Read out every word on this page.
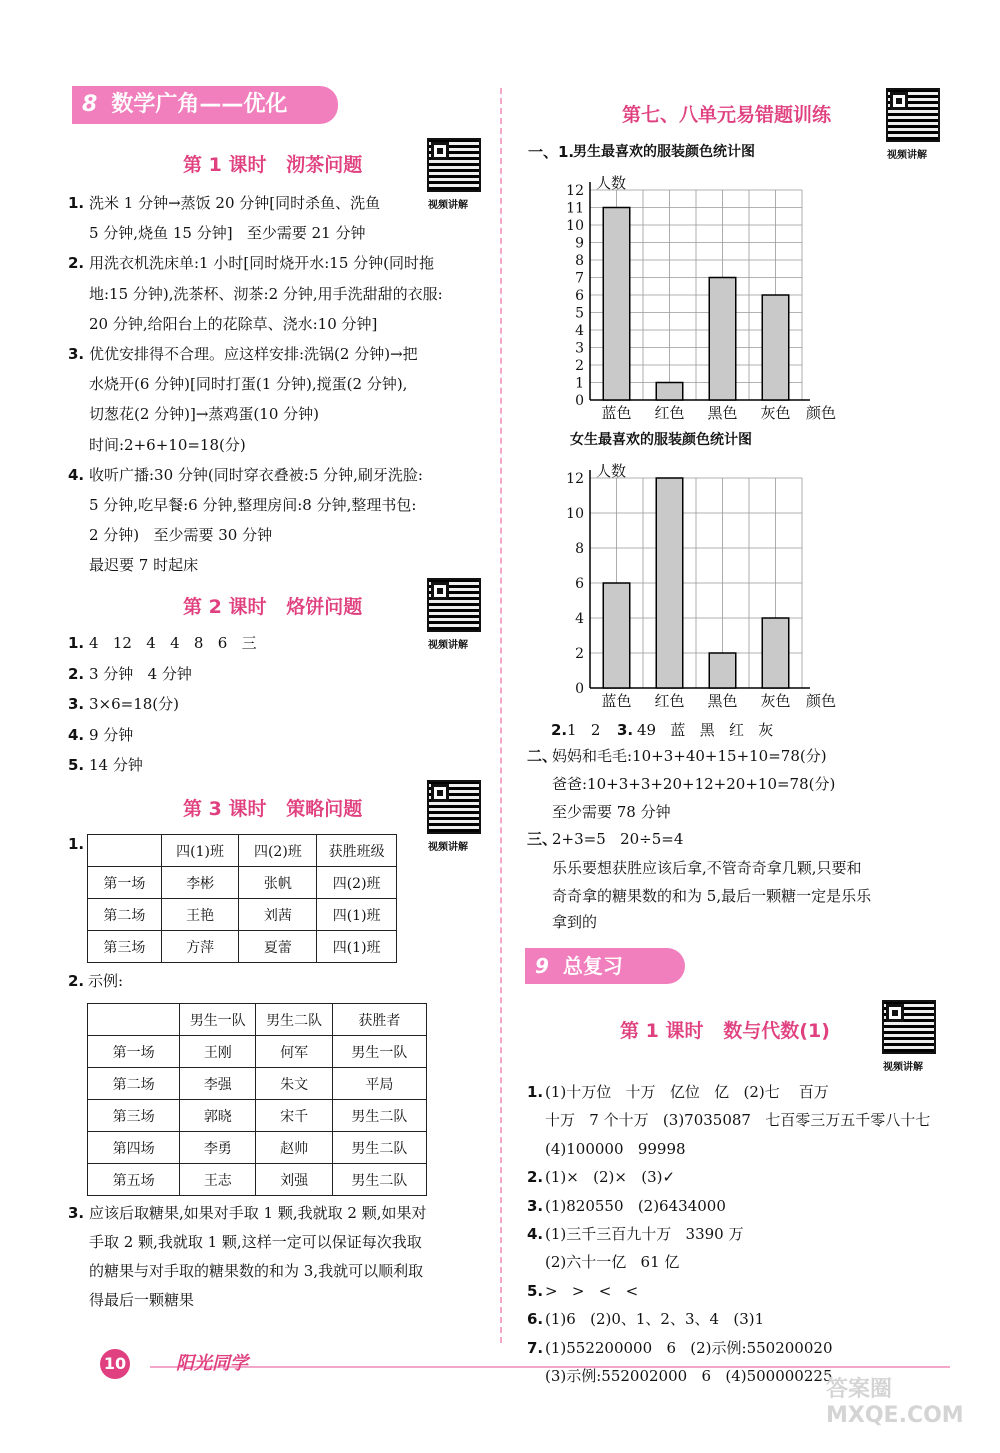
8 数学广角——优化
第 1 课时   沏茶问题
视频讲解
1. 洗米 1 分钟→蒸饭 20 分钟[同时杀鱼、洗鱼
5 分钟,烧鱼 15 分钟]   至少需要 21 分钟
2. 用洗衣机洗床单:1 小时[同时烧开水:15 分钟(同时拖
地:15 分钟),洗茶杯、沏茶:2 分钟,用手洗甜甜的衣服:
20 分钟,给阳台上的花除草、浇水:10 分钟]
3. 优优安排得不合理。应这样安排:洗锅(2 分钟)→把
水烧开(6 分钟)[同时打蛋(1 分钟),搅蛋(2 分钟),
切葱花(2 分钟)]→蒸鸡蛋(10 分钟)
时间:2+6+10=18(分)
4. 收听广播:30 分钟(同时穿衣叠被:5 分钟,刷牙洗脸:
5 分钟,吃早餐:6 分钟,整理房间:8 分钟,整理书包:
2 分钟)   至少需要 30 分钟
最迟要 7 时起床
第 2 课时   烙饼问题
视频讲解
1. 4   12   4   4   8   6   三
2. 3 分钟   4 分钟
3. 3×6=18(分)
4. 9 分钟
5. 14 分钟
第 3 课时   策略问题
视频讲解
1.
		四(1)班	四(2)班	获胜班级
第一场	李彬	张帆	四(2)班
第二场	王艳	刘茜	四(1)班
第三场	方萍	夏蕾	四(1)班
2. 示例:
	男生一队	男生二队	获胜者
第一场	王刚	何军	男生一队
第二场	李强	朱文	平局
第三场	郭晓	宋千	男生二队
第四场	李勇	赵帅	男生二队
第五场	王志	刘强	男生二队
3. 应该后取糖果,如果对手取 1 颗,我就取 2 颗,如果对
手取 2 颗,我就取 1 颗,这样一定可以保证每次我取
的糖果与对手取的糖果数的和为 3,我就可以顺利取
得最后一颗糖果
第七、八单元易错题训练
视频讲解
一、1.
男生最喜欢的服装颜色统计图
0
1
2
3
4
5
6
7
8
9
10
11
12 人数
蓝色 红色 黑色 灰色 颜色
女生最喜欢的服装颜色统计图
0
2
4
6
8
10
12 人数
蓝色 红色 黑色 灰色 颜色
2. 1   2 3. 49   蓝   黑   红   灰
二、
妈妈和毛毛:10+3+40+15+10=78(分)
爸爸:10+3+3+20+12+20+10=78(分)
至少需要 78 分钟
三、
2+3=5   20÷5=4
乐乐要想获胜应该后拿,不管奇奇拿几颗,只要和
奇奇拿的糖果数的和为 5,最后一颗糖一定是乐乐
拿到的
9 总复习
第 1 课时   数与代数(1)
视频讲解
1. (1)十万位   十万   亿位   亿   (2)七    百万
十万   7 个十万   (3)7035087   七百零三万五千零八十七
(4)100000   99998
2. (1)×   (2)×   (3)✓
3. (1)820550   (2)6434000
4. (1)三千三百九十万   3390 万
(2)六十一亿   61 亿
5. >   >   <   <
6. (1)6   (2)0、1、2、3、4   (3)1
7. (1)552200000   6   (2)示例:550200020
(3)示例:552002000   6   (4)500000225
10	阳光同学
答案圈 MXQE.COM
